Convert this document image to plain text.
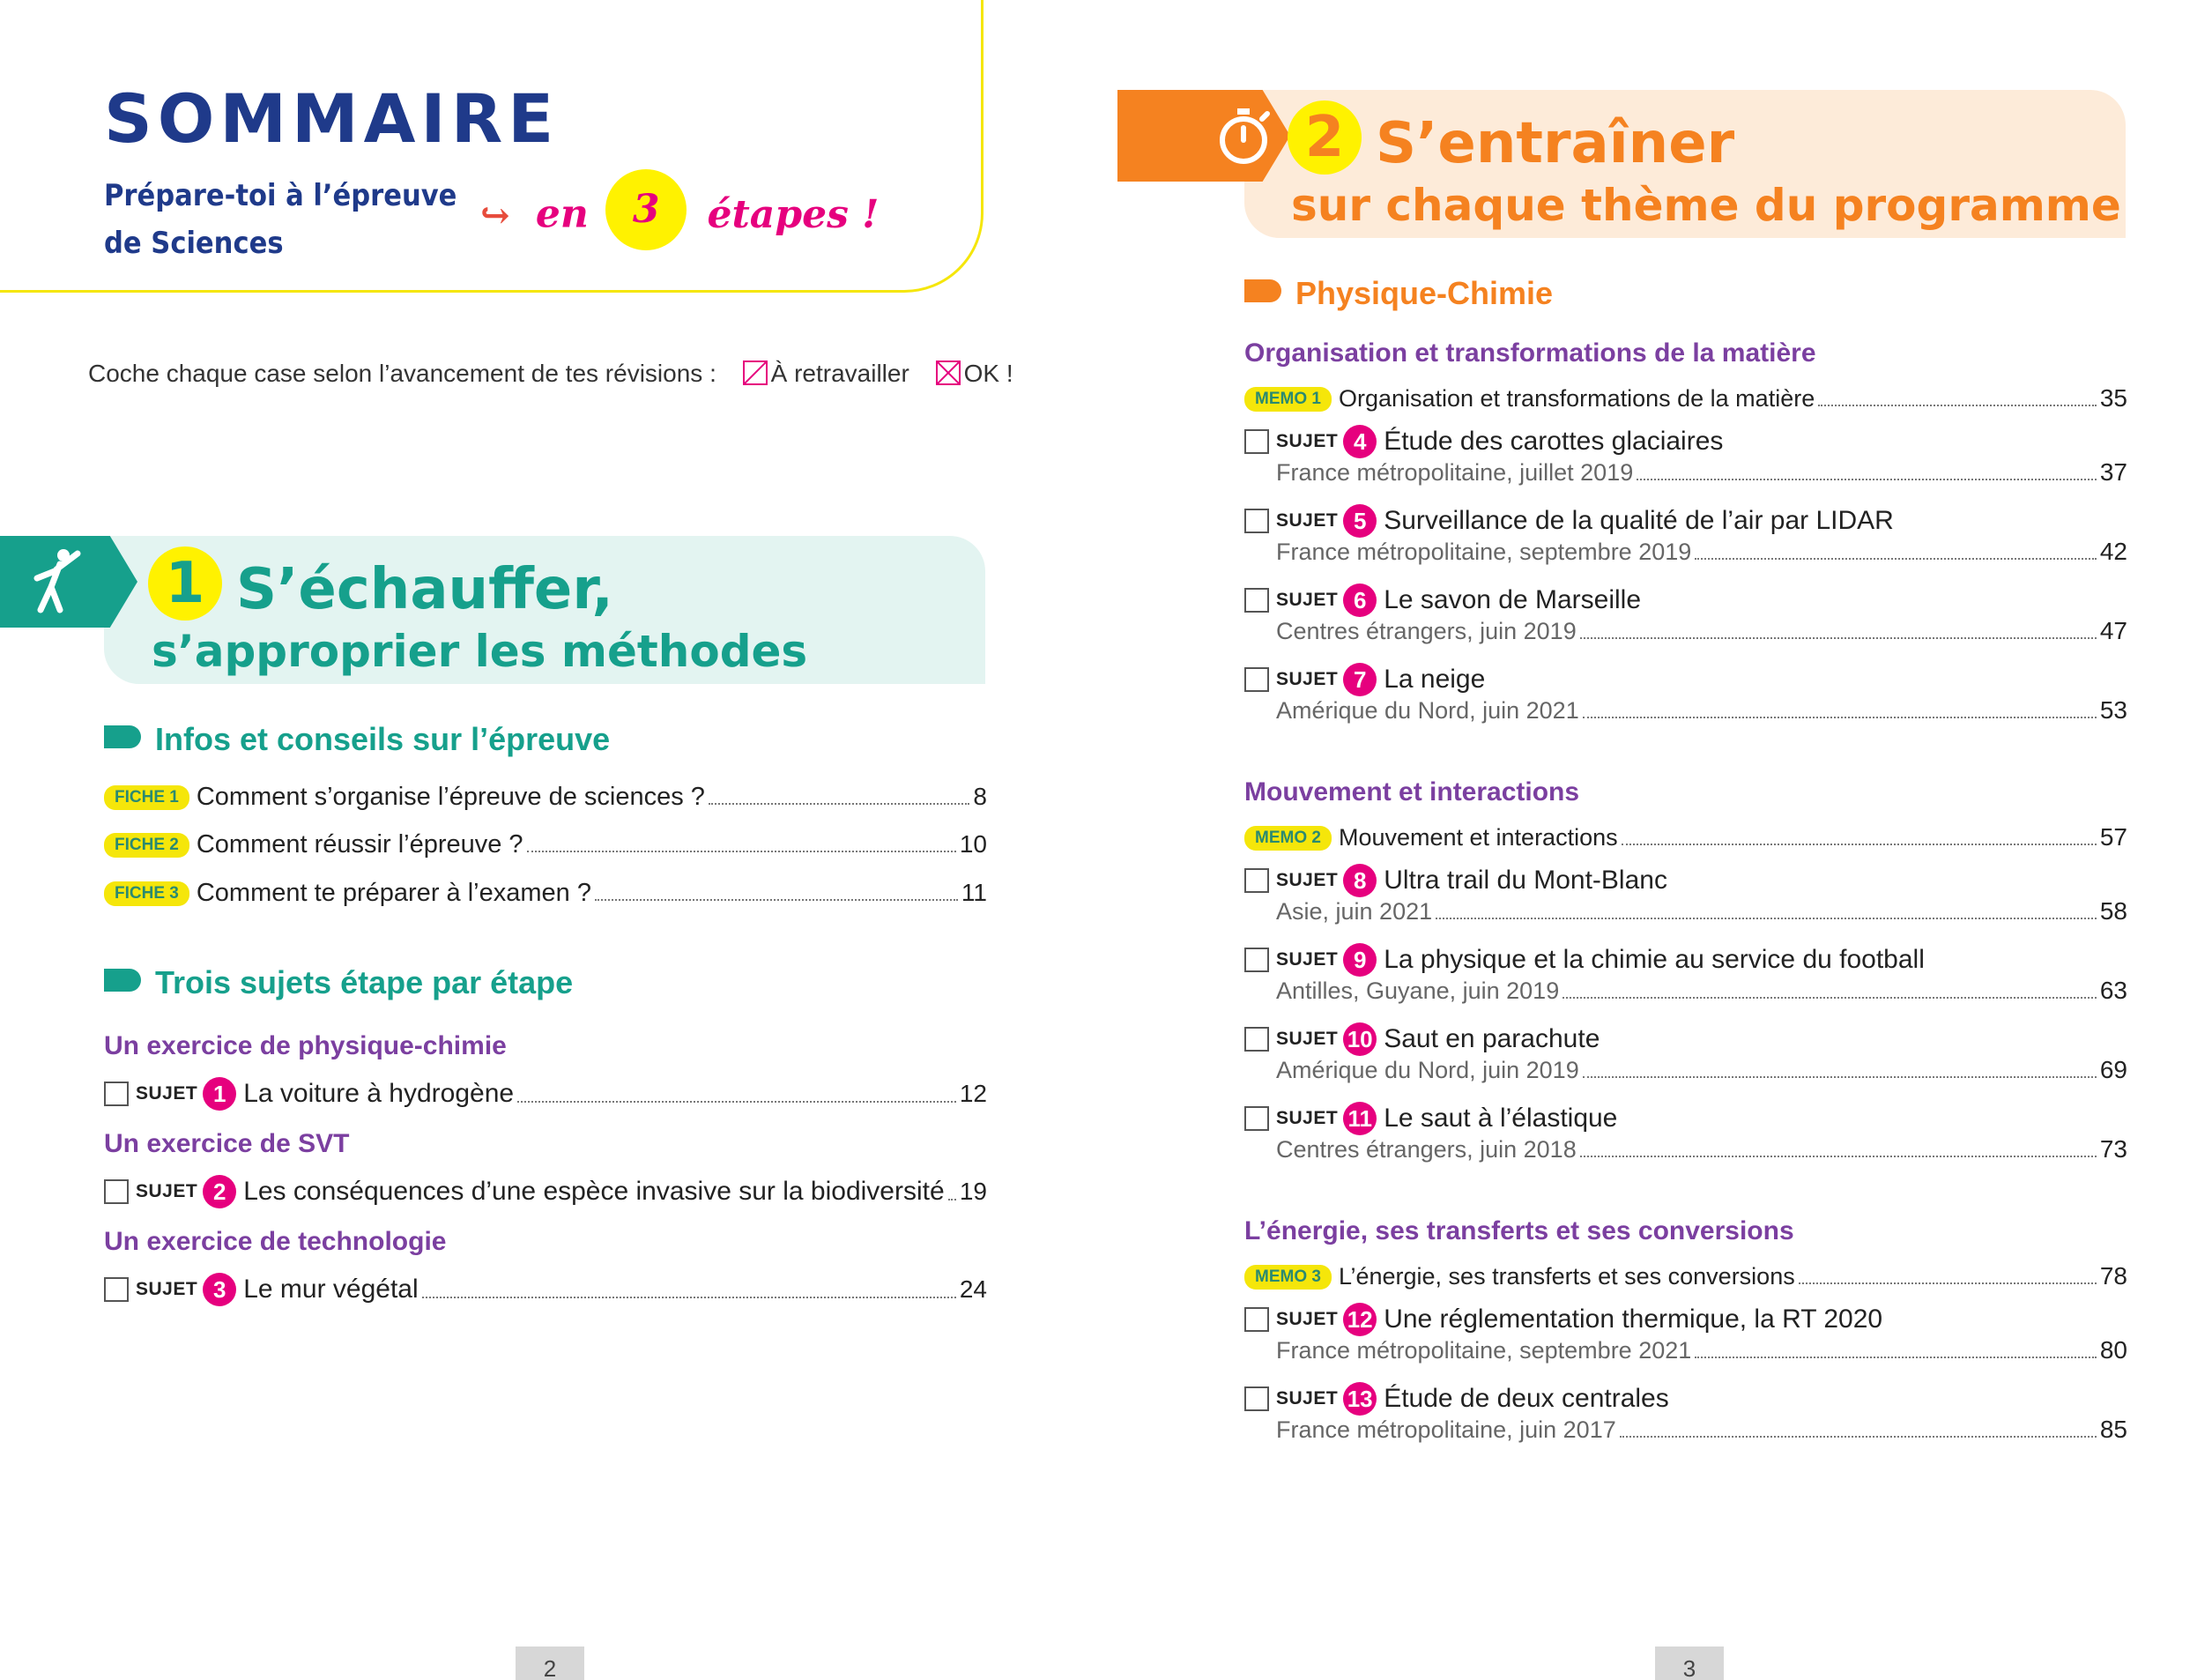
SOMMAIRE
Prépare-toi à l’épreuve
de Sciences
↪ en 3 étapes !
Coche chaque case selon l’avancement de tes révisions : À retravailler OK !
1 S’échauffer,
s’approprier les méthodes
Infos et conseils sur l’épreuve
FICHE 1 Comment s’organise l’épreuve de sciences ?	8
FICHE 2 Comment réussir l’épreuve ?	10
FICHE 3 Comment te préparer à l’examen ?	11
Trois sujets étape par étape
Un exercice de physique-chimie
SUJET 1 La voiture à hydrogène	12
Un exercice de SVT
SUJET 2 Les conséquences d’une espèce invasive sur la biodiversité 19
Un exercice de technologie
SUJET 3 Le mur végétal	24
2
2 S’entraîner
sur chaque thème du programme
Physique-Chimie
Organisation et transformations de la matière
MEMO 1 Organisation et transformations de la matière	35
SUJET 4 Étude des carottes glaciaires
France métropolitaine, juillet 2019	37
SUJET 5 Surveillance de la qualité de l’air par LIDAR
France métropolitaine, septembre 2019	42
SUJET 6 Le savon de Marseille
Centres étrangers, juin 2019	47
SUJET 7 La neige
Amérique du Nord, juin 2021	53
Mouvement et interactions
MEMO 2 Mouvement et interactions	57
SUJET 8 Ultra trail du Mont-Blanc
Asie, juin 2021	58
SUJET 9 La physique et la chimie au service du football
Antilles, Guyane, juin 2019	63
SUJET 10 Saut en parachute
Amérique du Nord, juin 2019	69
SUJET 11 Le saut à l’élastique
Centres étrangers, juin 2018	73
L’énergie, ses transferts et ses conversions
MEMO 3 L’énergie, ses transferts et ses conversions	78
SUJET 12 Une réglementation thermique, la RT 2020
France métropolitaine, septembre 2021	80
SUJET 13 Étude de deux centrales
France métropolitaine, juin 2017	85
3
